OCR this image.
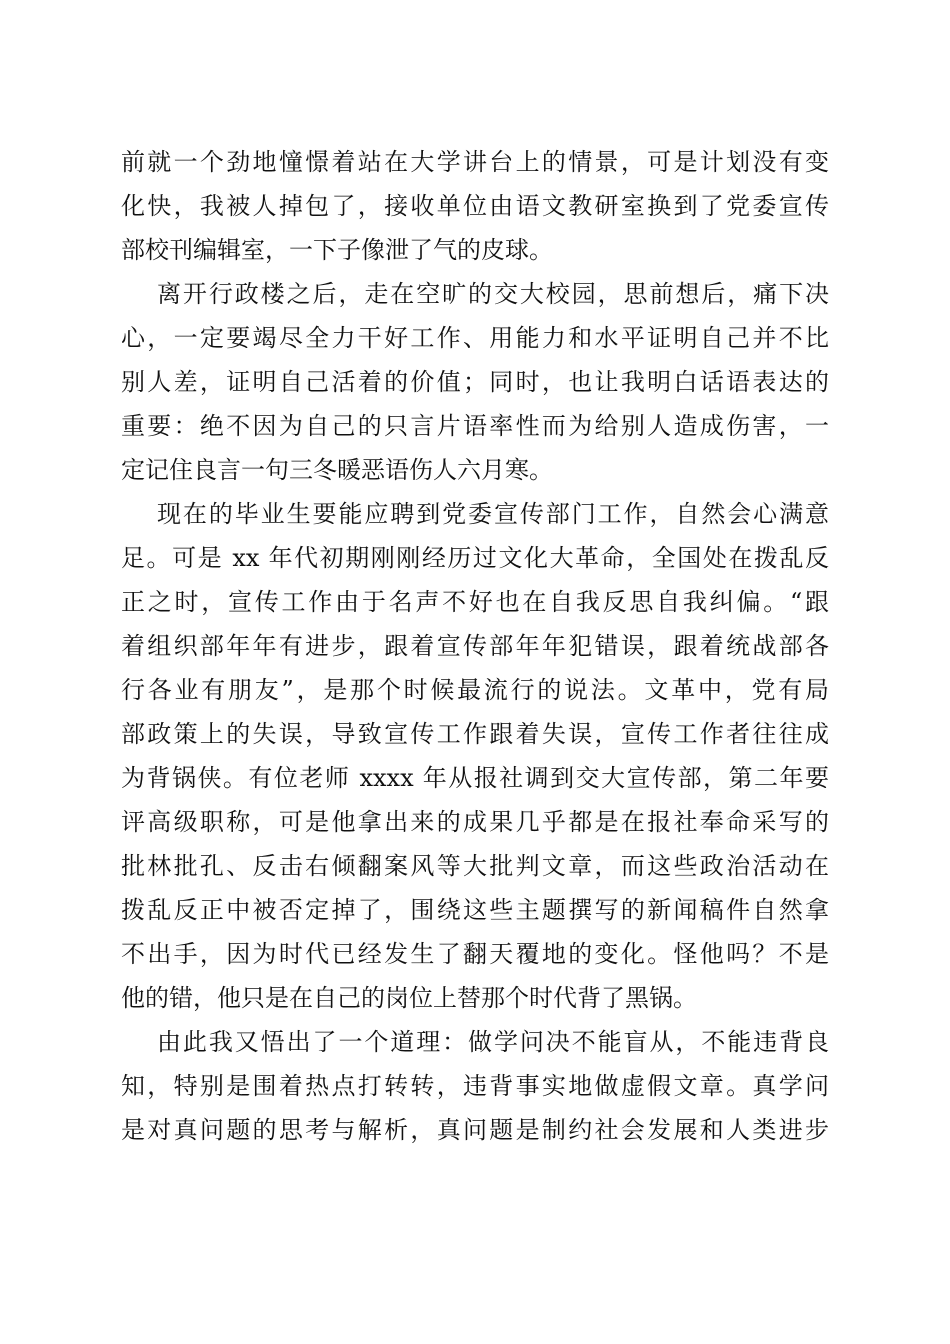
前就一个劲地憧憬着站在大学讲台上的情景，可是计划没有变
化快，我被人掉包了，接收单位由语文教研室换到了党委宣传
部校刊编辑室，一下子像泄了气的皮球。
离开行政楼之后，走在空旷的交大校园，思前想后，痛下决
心，一定要竭尽全力干好工作、用能力和水平证明自己并不比
别人差，证明自己活着的价值；同时，也让我明白话语表达的
重要：绝不因为自己的只言片语率性而为给别人造成伤害，一
定记住良言一句三冬暖恶语伤人六月寒。
现在的毕业生要能应聘到党委宣传部门工作，自然会心满意
足。可是 xx 年代初期刚刚经历过文化大革命，全国处在拨乱反
正之时，宣传工作由于名声不好也在自我反思自我纠偏。“跟
着组织部年年有进步，跟着宣传部年年犯错误，跟着统战部各
行各业有朋友”，是那个时候最流行的说法。文革中，党有局
部政策上的失误，导致宣传工作跟着失误，宣传工作者往往成
为背锅侠。有位老师 xxxx 年从报社调到交大宣传部，第二年要
评高级职称，可是他拿出来的成果几乎都是在报社奉命采写的
批林批孔、反击右倾翻案风等大批判文章，而这些政治活动在
拨乱反正中被否定掉了，围绕这些主题撰写的新闻稿件自然拿
不出手，因为时代已经发生了翻天覆地的变化。怪他吗？不是
他的错，他只是在自己的岗位上替那个时代背了黑锅。
由此我又悟出了一个道理：做学问决不能盲从，不能违背良
知，特别是围着热点打转转，违背事实地做虚假文章。真学问
是对真问题的思考与解析，真问题是制约社会发展和人类进步
